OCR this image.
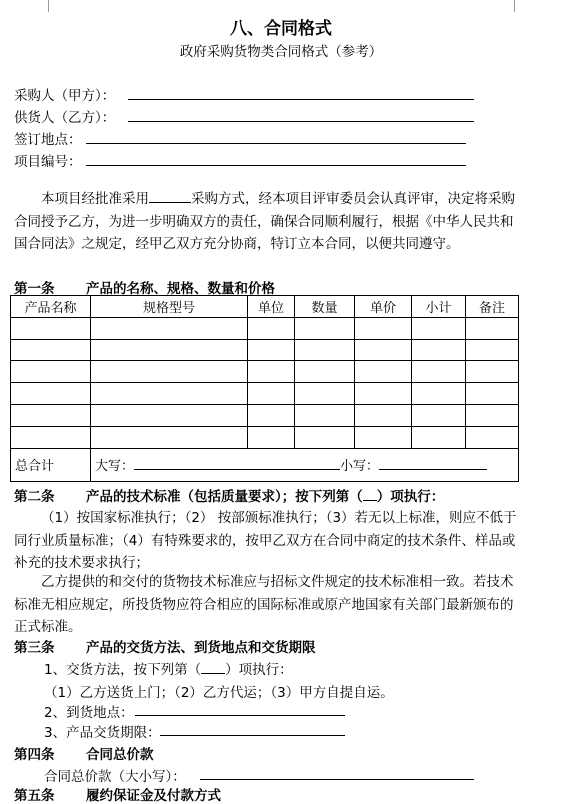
八、合同格式
政府采购货物类合同格式（参考）
采购人（甲方）：
供货人（乙方）：
签订地点：
项目编号：
本项目经批准采用	采购方式，经本项目评审委员会认真评审，决定将采购合同授予乙方，为进一步明确双方的责任，确保合同顺利履行，根据《中华人民共和国合同法》之规定，经甲乙双方充分协商，特订立本合同，以便共同遵守。
第一条 产品的名称、规格、数量和价格
产品名称	规格型号	单位	数量	单价	小计	备注

总合计	大写： 小写：					
第二条 产品的技术标准（包括质量要求）；按下列第（ ）项执行：
（1）按国家标准执行；（2） 按部颁标准执行；（3）若无以上标准，则应不低于同行业质量标准；（4）有特殊要求的，按甲乙双方在合同中商定的技术条件、样品或补充的技术要求执行；
乙方提供的和交付的货物技术标准应与招标文件规定的技术标准相一致。若技术标准无相应规定，所投货物应符合相应的国际标准或原产地国家有关部门最新颁布的正式标准。
第三条 产品的交货方法、到货地点和交货期限
1、交货方法，按下列第（ ）项执行：
（1）乙方送货上门；（2）乙方代运；（3）甲方自提自运。
2、到货地点：
3、产品交货期限：
第四条 合同总价款
合同总价款（大小写）：
第五条 履约保证金及付款方式
